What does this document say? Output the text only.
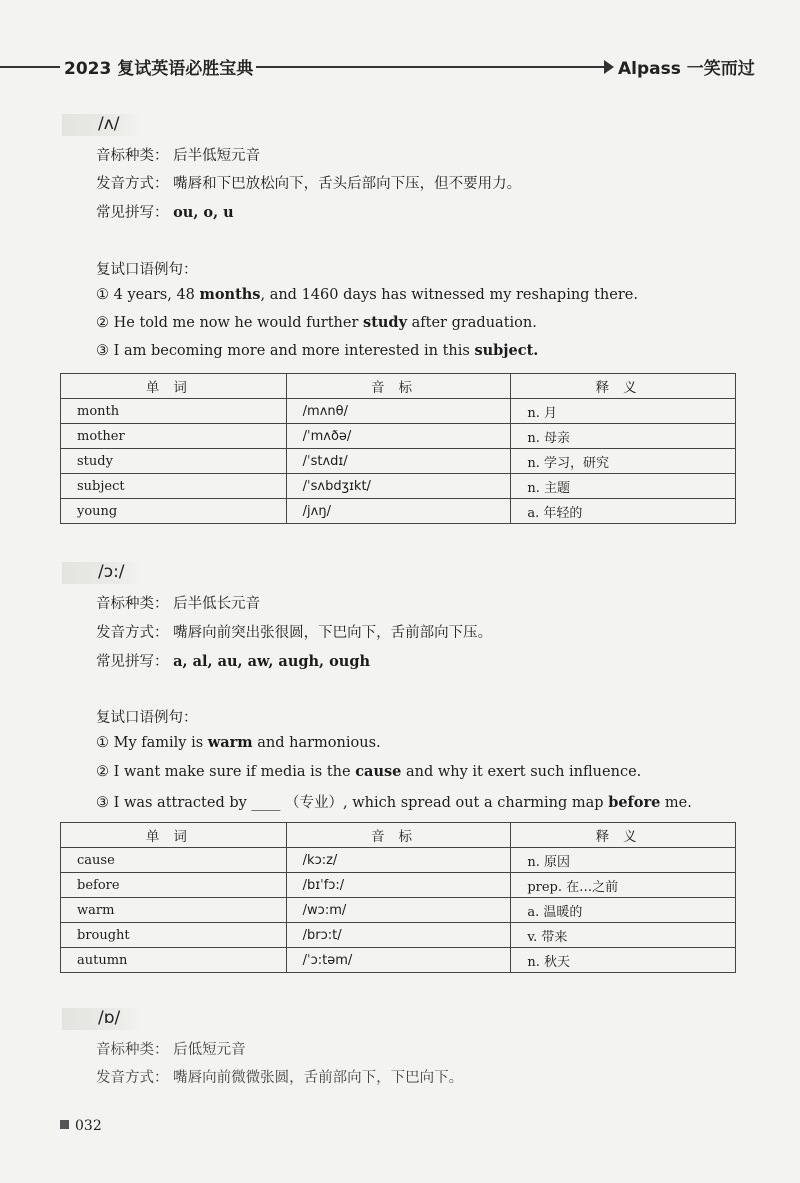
2023 复试英语必胜宝典	Alpass 一笑而过
/ʌ/
音标种类： 后半低短元音
发音方式： 嘴唇和下巴放松向下，舌头后部向下压，但不要用力。
常见拼写： ou, o, u
复试口语例句：
① 4 years, 48 months, and 1460 days has witnessed my reshaping there.
② He told me now he would further study after graduation.
③ I am becoming more and more interested in this subject.
单词	音标	释义
month	/mʌnθ/	n. 月
mother	/ˈmʌðə/	n. 母亲
study	/ˈstʌdɪ/	n. 学习，研究
subject	/ˈsʌbdʒɪkt/	n. 主题
young	/jʌŋ/	a. 年轻的
/ɔ:/
音标种类： 后半低长元音
发音方式： 嘴唇向前突出张很圆，下巴向下，舌前部向下压。
常见拼写： a, al, au, aw, augh, ough
复试口语例句：
① My family is warm and harmonious.
② I want make sure if media is the cause and why it exert such influence.
③ I was attracted by ____ （专业）, which spread out a charming map before me.
单词	音标	释义
cause	/kɔ:z/	n. 原因
before	/bɪˈfɔ:/	prep. 在…之前
warm	/wɔ:m/	a. 温暖的
brought	/brɔ:t/	v. 带来
autumn	/ˈɔ:təm/	n. 秋天
/ɒ/
音标种类： 后低短元音
发音方式： 嘴唇向前微微张圆，舌前部向下，下巴向下。
032
